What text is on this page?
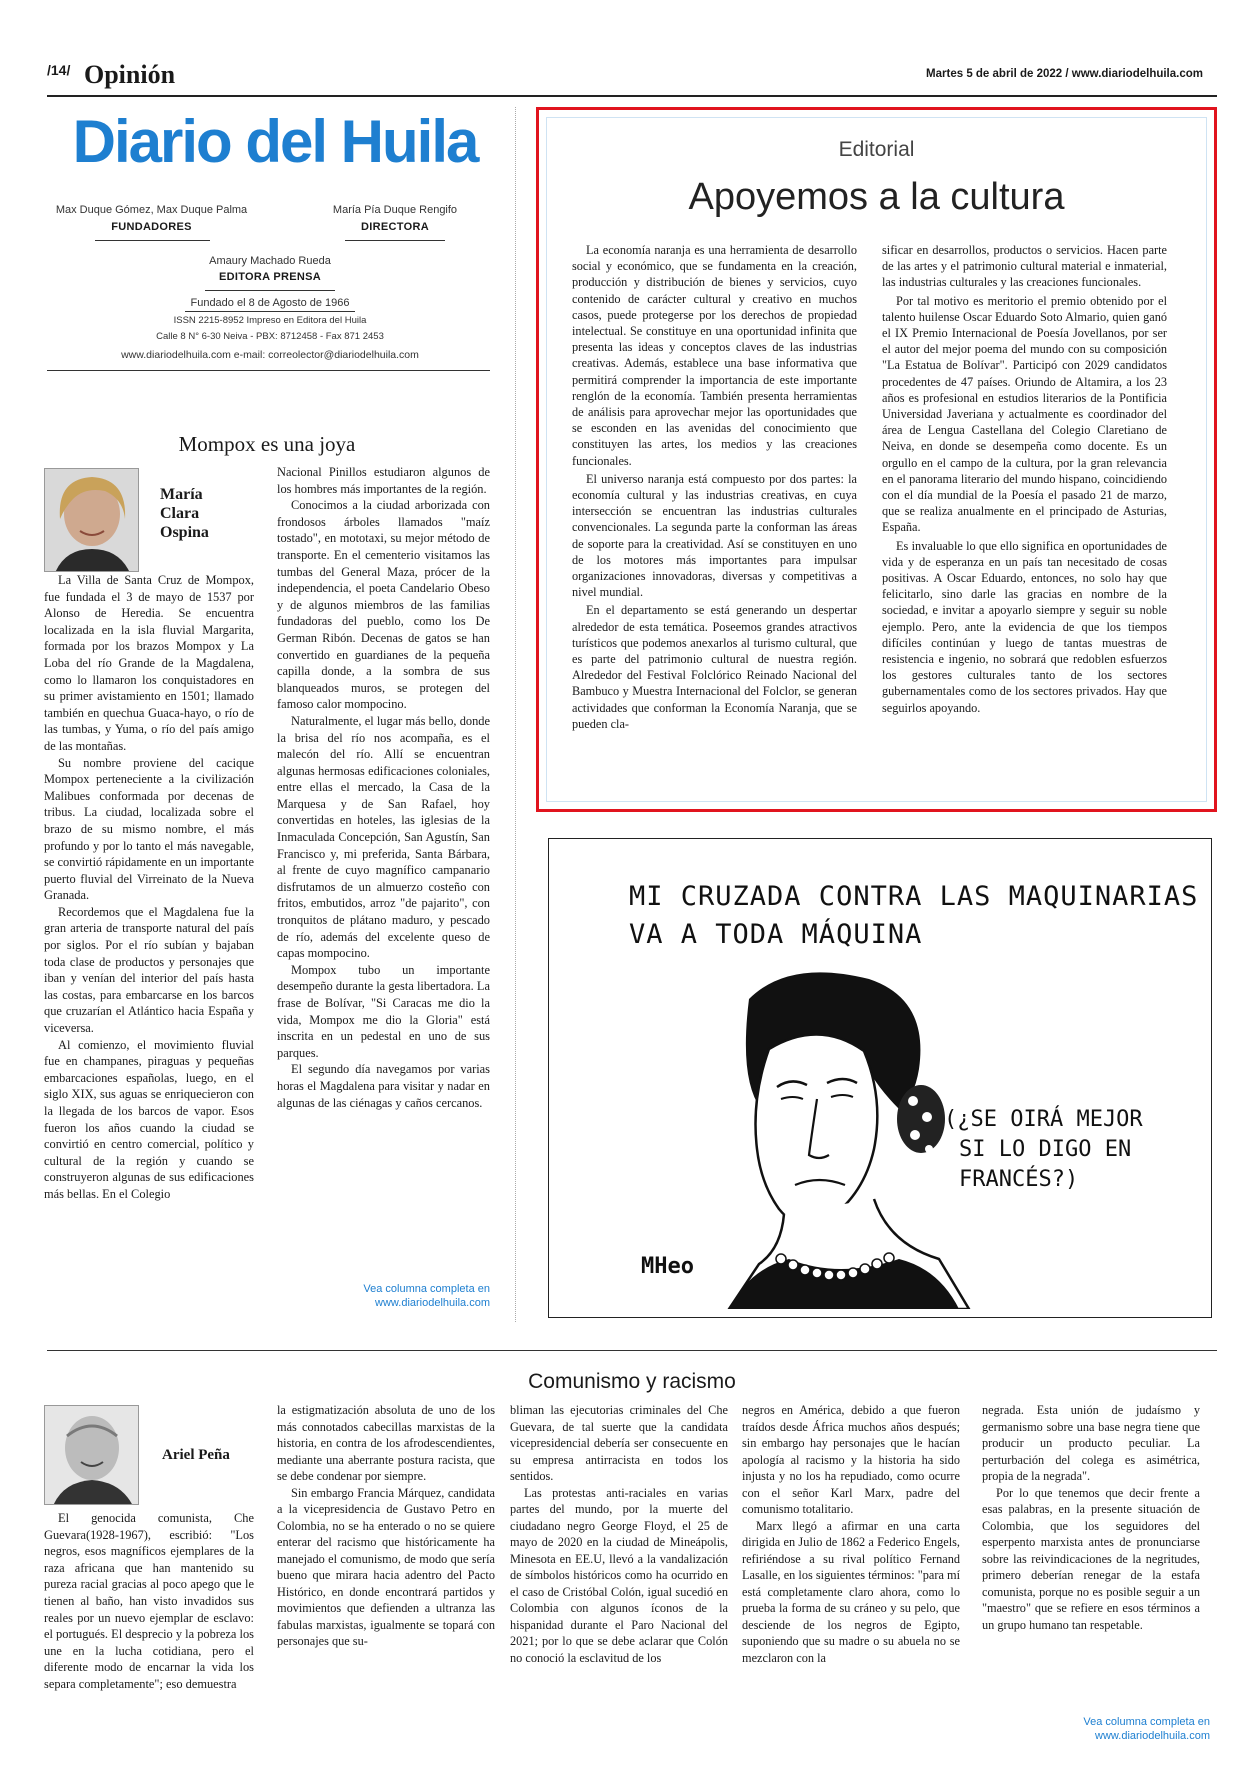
/14/ Opinión	Martes 5 de abril de 2022 / www.diariodelhuila.com
Diario del Huila
Max Duque Gómez, Max Duque Palma
FUNDADORES
María Pía Duque Rengifo
DIRECTORA
Amaury Machado Rueda
EDITORA PRENSA
Fundado el 8 de Agosto de 1966
ISSN 2215-8952 Impreso en Editora del Huila
Calle 8 N° 6-30 Neiva - PBX: 8712458 - Fax 871 2453
www.diariodelhuila.com e-mail: correolector@diariodelhuila.com
Editorial
Apoyemos a la cultura

La economía naranja es una herramienta de desarrollo social y económico, que se fundamenta en la creación, producción y distribución de bienes y servicios, cuyo contenido de carácter cultural y creativo en muchos casos, puede protegerse por los derechos de propiedad intelectual. Se constituye en una oportunidad infinita que presenta las ideas y conceptos claves de las industrias creativas. Además, establece una base informativa que permitirá comprender la importancia de este importante renglón de la economía. También presenta herramientas de análisis para aprovechar mejor las oportunidades que se esconden en las avenidas del conocimiento que constituyen las artes, los medios y las creaciones funcionales.

El universo naranja está compuesto por dos partes: la economía cultural y las industrias creativas, en cuya intersección se encuentran las industrias culturales convencionales. La segunda parte la conforman las áreas de soporte para la creatividad. Así se constituyen en uno de los motores más importantes para impulsar organizaciones innovadoras, diversas y competitivas a nivel mundial.

En el departamento se está generando un despertar alrededor de esta temática. Poseemos grandes atractivos turísticos que podemos anexarlos al turismo cultural, que es parte del patrimonio cultural de nuestra región. Alrededor del Festival Folclórico Reinado Nacional del Bambuco y Muestra Internacional del Folclor, se generan actividades que conforman la Economía Naranja, que se pueden cla-

sificar en desarrollos, productos o servicios. Hacen parte de las artes y el patrimonio cultural material e inmaterial, las industrias culturales y las creaciones funcionales.

Por tal motivo es meritorio el premio obtenido por el talento huilense Oscar Eduardo Soto Almario, quien ganó el IX Premio Internacional de Poesía Jovellanos, por ser el autor del mejor poema del mundo con su composición "La Estatua de Bolívar". Participó con 2029 candidatos procedentes de 47 países. Oriundo de Altamira, a los 23 años es profesional en estudios literarios de la Pontificia Universidad Javeriana y actualmente es coordinador del área de Lengua Castellana del Colegio Claretiano de Neiva, en donde se desempeña como docente. Es un orgullo en el campo de la cultura, por la gran relevancia en el panorama literario del mundo hispano, coincidiendo con el día mundial de la Poesía el pasado 21 de marzo, que se realiza anualmente en el principado de Asturias, España.

Es invaluable lo que ello significa en oportunidades de vida y de esperanza en un país tan necesitado de cosas positivas. A Oscar Eduardo, entonces, no solo hay que felicitarlo, sino darle las gracias en nombre de la sociedad, e invitar a apoyarlo siempre y seguir su noble ejemplo. Pero, ante la evidencia de que los tiempos difíciles continúan y luego de tantas muestras de resistencia e ingenio, no sobrará que redoblen esfuerzos los gestores culturales tanto de los sectores gubernamentales como de los sectores privados. Hay que seguirlos apoyando.

Mompox es una joya
María Clara Ospina

La Villa de Santa Cruz de Mompox, fue fundada el 3 de mayo de 1537 por Alonso de Heredia. Se encuentra localizada en la isla fluvial Margarita, formada por los brazos Mompox y La Loba del río Grande de la Magdalena, como lo llamaron los conquistadores en su primer avistamiento en 1501; llamado también en quechua Guaca-hayo, o río de las tumbas, y Yuma, o río del país amigo de las montañas.

Su nombre proviene del cacique Mompox perteneciente a la civilización Malibues conformada por decenas de tribus. La ciudad, localizada sobre el brazo de su mismo nombre, el más profundo y por lo tanto el más navegable, se convirtió rápidamente en un importante puerto fluvial del Virreinato de la Nueva Granada.

Recordemos que el Magdalena fue la gran arteria de transporte natural del país por siglos. Por el río subían y bajaban toda clase de productos y personajes que iban y venían del interior del país hasta las costas, para embarcarse en los barcos que cruzarían el Atlántico hacia España y viceversa.

Al comienzo, el movimiento fluvial fue en champanes, piraguas y pequeñas embarcaciones españolas, luego, en el siglo XIX, sus aguas se enriquecieron con la llegada de los barcos de vapor. Esos fueron los años cuando la ciudad se convirtió en centro comercial, político y cultural de la región y cuando se construyeron algunas de sus edificaciones más bellas. En el Colegio

Nacional Pinillos estudiaron algunos de los hombres más importantes de la región.

Conocimos a la ciudad arborizada con frondosos árboles llamados "maíz tostado", en mototaxi, su mejor método de transporte. En el cementerio visitamos las tumbas del General Maza, prócer de la independencia, el poeta Candelario Obeso y de algunos miembros de las familias fundadoras del pueblo, como los De German Ribón. Decenas de gatos se han convertido en guardianes de la pequeña capilla donde, a la sombra de sus blanqueados muros, se protegen del famoso calor mompocino.

Naturalmente, el lugar más bello, donde la brisa del río nos acompaña, es el malecón del río. Allí se encuentran algunas hermosas edificaciones coloniales, entre ellas el mercado, la Casa de la Marquesa y de San Rafael, hoy convertidas en hoteles, las iglesias de la Inmaculada Concepción, San Agustín, San Francisco y, mi preferida, Santa Bárbara, al frente de cuyo magnífico campanario disfrutamos de un almuerzo costeño con fritos, embutidos, arroz "de pajarito", con tronquitos de plátano maduro, y pescado de río, además del excelente queso de capas mompocino.

Mompox tubo un importante desempeño durante la gesta libertadora. La frase de Bolívar, "Si Caracas me dio la vida, Mompox me dio la Gloria" está inscrita en un pedestal en uno de sus parques.

El segundo día navegamos por varias horas el Magdalena para visitar y nadar en algunas de las ciénagas y caños cercanos.

Vea columna completa en
www.diariodelhuila.com
MI CRUZADA CONTRA LAS MAQUINARIAS
VA A TODA MÁQUINA
(¿SE OIRÁ MEJOR
SI LO DIGO EN
FRANCÉS?)
MHeo
Comunismo y racismo
Ariel Peña

El genocida comunista, Che Guevara(1928-1967), escribió: "Los negros, esos magníficos ejemplares de la raza africana que han mantenido su pureza racial gracias al poco apego que le tienen al baño, han visto invadidos sus reales por un nuevo ejemplar de esclavo: el portugués. El desprecio y la pobreza los une en la lucha cotidiana, pero el diferente modo de encarnar la vida los separa completamente"; eso demuestra

la estigmatización absoluta de uno de los más connotados cabecillas marxistas de la historia, en contra de los afrodescendientes, mediante una aberrante postura racista, que se debe condenar por siempre.

Sin embargo Francia Márquez, candidata a la vicepresidencia de Gustavo Petro en Colombia, no se ha enterado o no se quiere enterar del racismo que históricamente ha manejado el comunismo, de modo que sería bueno que mirara hacia adentro del Pacto Histórico, en donde encontrará partidos y movimientos que defienden a ultranza las fabulas marxistas, igualmente se topará con personajes que su-

bliman las ejecutorias criminales del Che Guevara, de tal suerte que la candidata vicepresidencial debería ser consecuente en su empresa antirracista en todos los sentidos.

Las protestas anti-raciales en varias partes del mundo, por la muerte del ciudadano negro George Floyd, el 25 de mayo de 2020 en la ciudad de Mineápolis, Minesota en EE.U, llevó a la vandalización de símbolos históricos como ha ocurrido en el caso de Cristóbal Colón, igual sucedió en Colombia con algunos íconos de la hispanidad durante el Paro Nacional del 2021; por lo que se debe aclarar que Colón no conoció la esclavitud de los

negros en América, debido a que fueron traídos desde África muchos años después; sin embargo hay personajes que le hacían apología al racismo y la historia ha sido injusta y no los ha repudiado, como ocurre con el señor Karl Marx, padre del comunismo totalitario.

Marx llegó a afirmar en una carta dirigida en Julio de 1862 a Federico Engels, refiriéndose a su rival político Fernand Lasalle, en los siguientes términos: "para mí está completamente claro ahora, como lo prueba la forma de su cráneo y su pelo, que desciende de los negros de Egipto, suponiendo que su madre o su abuela no se mezclaron con la

negrada. Esta unión de judaísmo y germanismo sobre una base negra tiene que producir un producto peculiar. La perturbación del colega es asimétrica, propia de la negrada".

Por lo que tenemos que decir frente a esas palabras, en la presente situación de Colombia, que los seguidores del esperpento marxista antes de pronunciarse sobre las reivindicaciones de la negritudes, primero deberían renegar de la estafa comunista, porque no es posible seguir a un "maestro" que se refiere en esos términos a un grupo humano tan respetable.

Vea columna completa en
www.diariodelhuila.com
